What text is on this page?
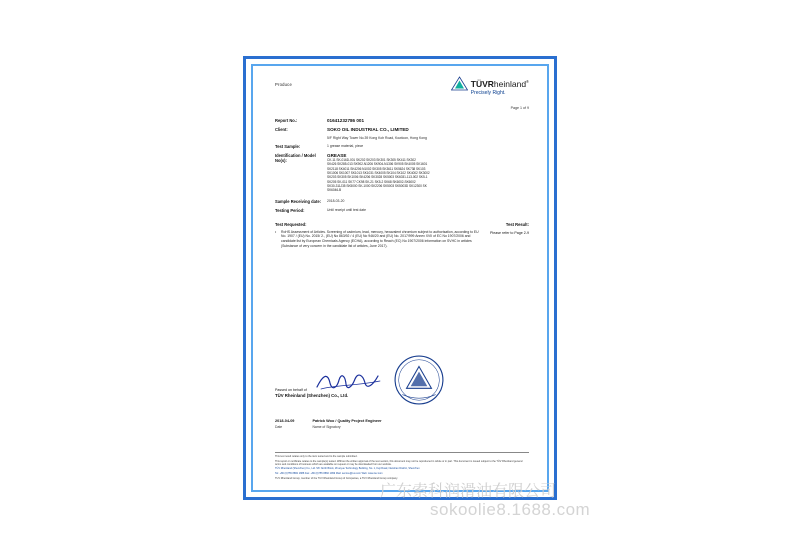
Produce	TÜVRheinland®
Precisely Right.
Page 1 of 9
Report No.:	01641232786 001
Client:	SOKO OIL INDUSTRIAL CO., LIMITED
5/F Right Way Tower No.39 Kong Koh Road, Kowloon, Hong Kong
Test Sample:	1 grease material, piece
Identification / Model No(s):
GREASE
CK-11 SK-016D-001 SK202 SK203 SK301 SK305 SK411 SK302
SK426 SK285-013 SK902-N1206 SK904-N1306 SK905 SK4005 SK1601
SK2118 SK4011 SK4206 N1002 SK305 SK3611 SK5624 SK738 SK103
SK1006 SK1007 SK1013 SK1031 SK4005 SK104 SK102 SK4002 SK3002
SK203 SK305 SK1006 SK4206 SK3028 SK5003 SK6031-113-002 SK5-1
SK205 SK-011 SK77 CK98 SK-21 SK5-2 SK68 SK6002-SK6002
SK30-311J35 SK5000 SK-1000 SK2206 SK5003 SK5003D SK12300 SK
SK6046-B
Sample Receiving date:	2018-03-20
Testing Period:	Until receipt until test date
Test Requested:	Test Result:
•	RoHS Assessment of Articles. Screening of cadmium, lead, mercury, hexavalent chromium subject to authorisation, according to EU No. 1907 / (EU) No. 2015/ 2., (EU) No 863/92 / 4 (EU) No 946/20 and (EU) No. 2017/999 Annex XVII of EC No 1907/2006 and candidate list by European Chemicals Agency (ECHA), according to Reach (EC) No 1907/2006 information on SVHC in articles (Substance of very concern in the candidate list of articles, June 2017).
Please refer to Page 2-9
Passed on behalf of
TÜV Rheinland (Shenzhen) Co., Ltd.
2018-04-09
Date
Patrick Woo / Quality Project Engineer
Name of Signatory

This test result relates only to the item tested and to the sample submitted.

This report or certificate relates to the sample(s) tested. Without the written approval of the test section, this document may not be reproduced in whole or in part. This document is issued subject to the TÜV Rheinland general terms and conditions of business which are available on request or may be downloaded from our website.

TÜV Rheinland (Shenzhen) Co., Ltd. 5/F North Block, Zhuoyue Technology Building, No. 1, Keji Road, Nanshan District, Shenzhen

Tel: +86 (0)755 8882 1888 Fax: +86 (0)755 8882 1999 Mail: service@tuv.com Web: www.tuv.com

TUV Rheinland Group, member of the TUV Rheinland Group of Companies, a TUV Rheinland Group company.

广东索科润滑油有限公司
sokoolie8.1688.com
